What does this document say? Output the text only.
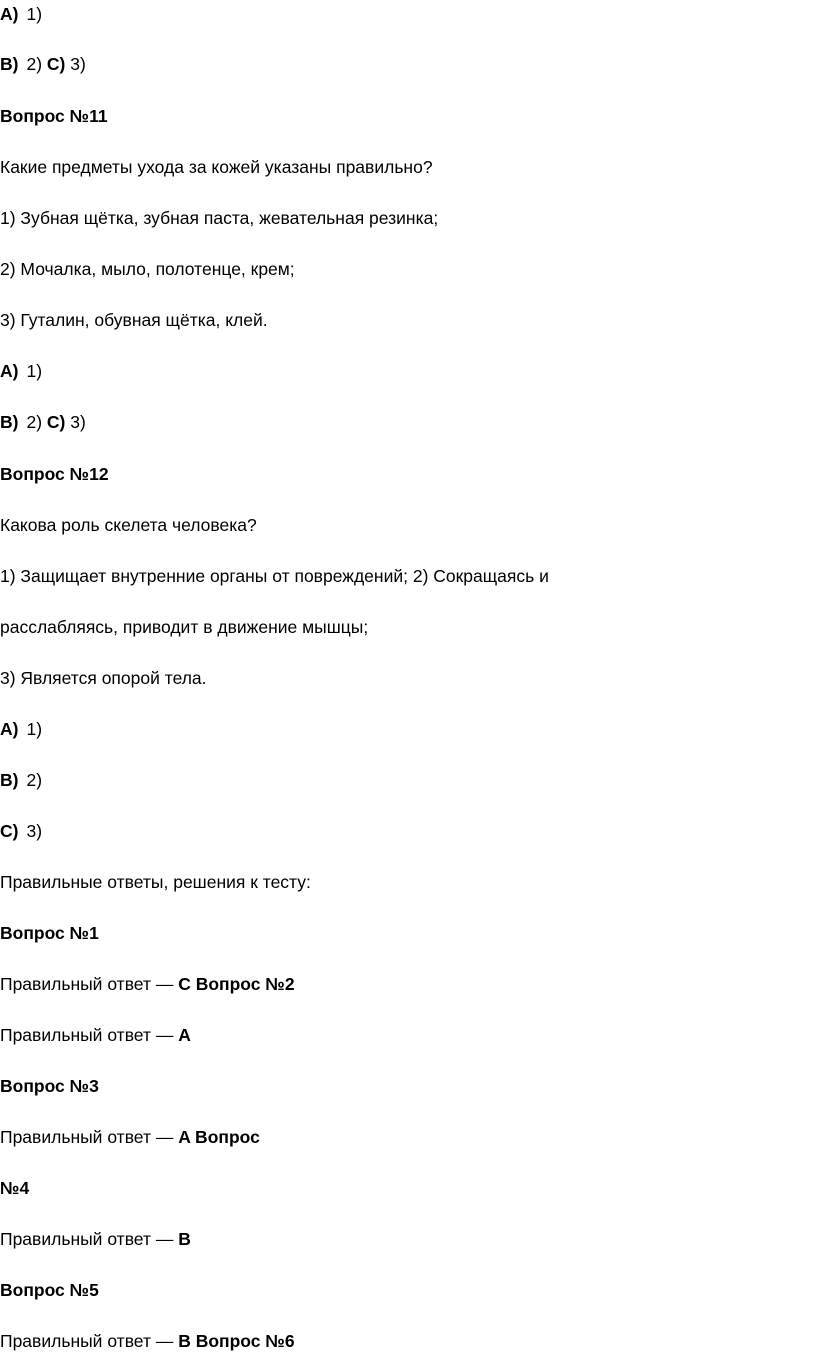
A) 1)
B) 2) C) 3)
Вопрос №11
Какие предметы ухода за кожей указаны правильно?
1) Зубная щётка, зубная паста, жевательная резинка;
2) Мочалка, мыло, полотенце, крем;
3) Гуталин, обувная щётка, клей.
A) 1)
B) 2) C) 3)
Вопрос №12
Какова роль скелета человека?
1) Защищает внутренние органы от повреждений; 2) Сокращаясь и
расслабляясь, приводит в движение мышцы;
3) Является опорой тела.
A) 1)
B) 2)
C) 3)
Правильные ответы, решения к тесту:
Вопрос №1
Правильный ответ — C Вопрос №2
Правильный ответ — A
Вопрос №3
Правильный ответ — A Вопрос
№4
Правильный ответ — B
Вопрос №5
Правильный ответ — B Вопрос №6
